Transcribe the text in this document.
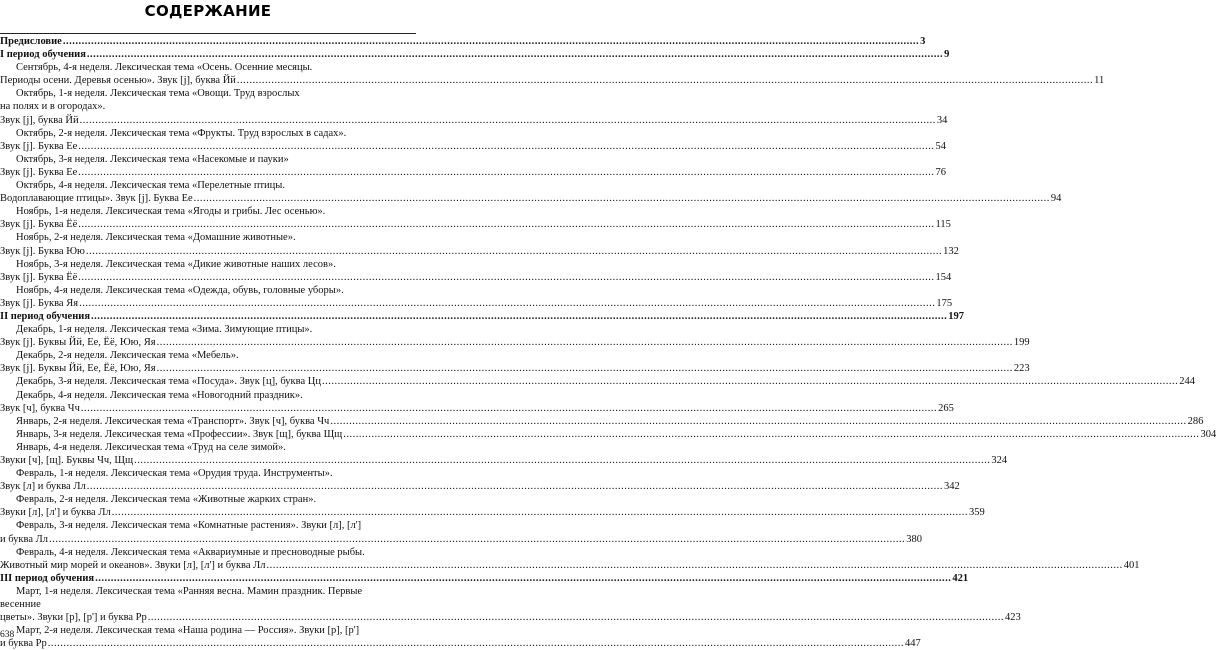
СОДЕРЖАНИЕ
Предисловие .....	3
I период обучения .....	9
Сентябрь, 4-я неделя. Лексическая тема «Осень. Осенние месяцы.
Периоды осени. Деревья осенью». Звук [j], буква Йй .....	11
Октябрь, 1-я неделя. Лексическая тема «Овощи. Труд взрослых
на полях и в огородах».
Звук [j], буква Йй .....	34
Октябрь, 2-я неделя. Лексическая тема «Фрукты. Труд взрослых в садах».
Звук [j]. Буква Ее .....	54
Октябрь, 3-я неделя. Лексическая тема «Насекомые и пауки»
Звук [j]. Буква Ее .....	76
Октябрь, 4-я неделя. Лексическая тема «Перелетные птицы.
Водоплавающие птицы». Звук [j]. Буква Ее .....	94
Ноябрь, 1-я неделя. Лексическая тема «Ягоды и грибы. Лес осенью».
Звук [j]. Буква Ёё .....	115
Ноябрь, 2-я неделя. Лексическая тема «Домашние животные».
Звук [j]. Буква Юю .....	132
Ноябрь, 3-я неделя. Лексическая тема «Дикие животные наших лесов».
Звук [j]. Буква Ёё .....	154
Ноябрь, 4-я неделя. Лексическая тема «Одежда, обувь, головные уборы».
Звук [j]. Буква Яя .....	175
II период обучения .....	197
Декабрь, 1-я неделя. Лексическая тема «Зима. Зимующие птицы».
Звук [j]. Буквы Йй, Ее, Ёё, Юю, Яя .....	199
Декабрь, 2-я неделя. Лексическая тема «Мебель».
Звук [j]. Буквы Йй, Ее, Ёё, Юю, Яя .....	223
Декабрь, 3-я неделя. Лексическая тема «Посуда». Звук [ц], буква Цц .....	244
Декабрь, 4-я неделя. Лексическая тема «Новогодний праздник».
Звук [ч], буква Чч .....	265
Январь, 2-я неделя. Лексическая тема «Транспорт». Звук [ч], буква Чч .....	286
Январь, 3-я неделя. Лексическая тема «Профессии». Звук [щ], буква Щщ .....	304
Январь, 4-я неделя. Лексическая тема «Труд на селе зимой».
Звуки [ч], [щ]. Буквы Чч, Щщ .....	324
Февраль, 1-я неделя. Лексическая тема «Орудия труда. Инструменты».
Звук [л] и буква Лл .....	342
Февраль, 2-я неделя. Лексическая тема «Животные жарких стран».
Звуки [л], [л'] и буква Лл .....	359
Февраль, 3-я неделя. Лексическая тема «Комнатные растения». Звуки [л], [л']
и буква Лл .....	380
Февраль, 4-я неделя. Лексическая тема «Аквариумные и пресноводные рыбы.
Животный мир морей и океанов». Звуки [л], [л'] и буква Лл .....	401
III период обучения .....	421
Март, 1-я неделя. Лексическая тема «Ранняя весна. Мамин праздник. Первые
весенние
цветы». Звуки [р], [р'] и буква Рр .....	423
Март, 2-я неделя. Лексическая тема «Наша родина — Россия». Звуки [р], [р']
и буква Рр .....	447
638
